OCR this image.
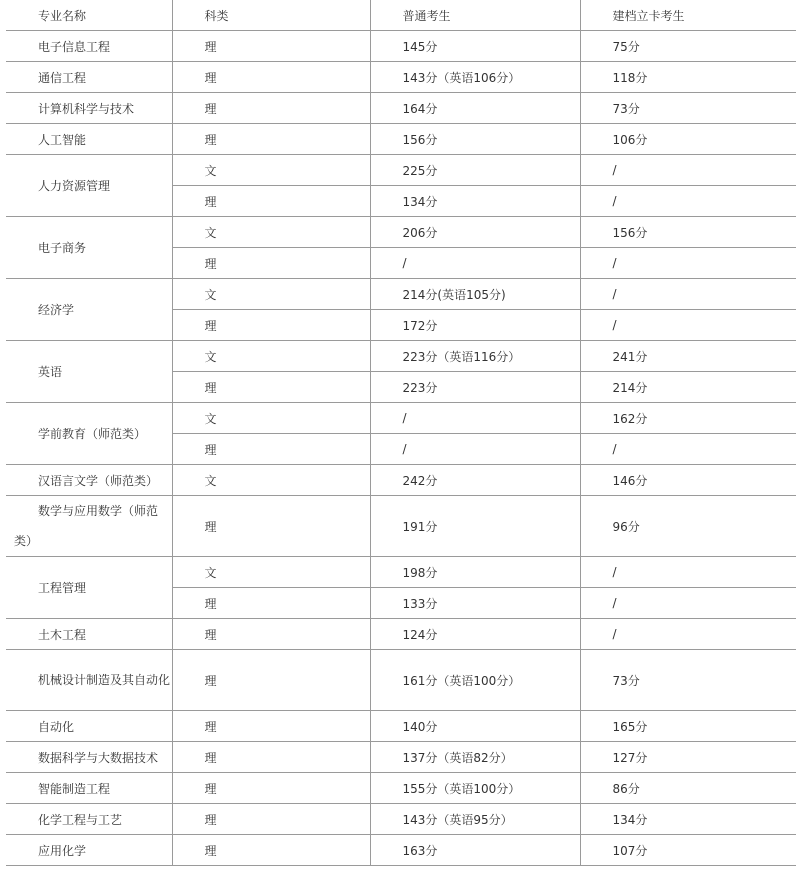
专业名称	科类	普通考生	建档立卡考生
电子信息工程	理	145分	75分
通信工程	理	143分（英语106分）	118分
计算机科学与技术	理	164分	73分
人工智能	理	156分	106分
人力资源管理	文	225分	/
	理	134分	/
电子商务	文	206分	156分
	理	/	/
经济学	文	214分(英语105分)	/
	理	172分	/
英语	文	223分（英语116分）	241分
	理	223分	214分
学前教育（师范类）	文	/	162分
	理	/	/
汉语言文学（师范类）	文	242分	146分
数学与应用数学（师范类）	理	191分	96分
工程管理	文	198分	/
	理	133分	/
土木工程	理	124分	/
机械设计制造及其自动化	理	161分（英语100分）	73分
自动化	理	140分	165分
数据科学与大数据技术	理	137分（英语82分）	127分
智能制造工程	理	155分（英语100分）	86分
化学工程与工艺	理	143分（英语95分）	134分
应用化学	理	163分	107分
